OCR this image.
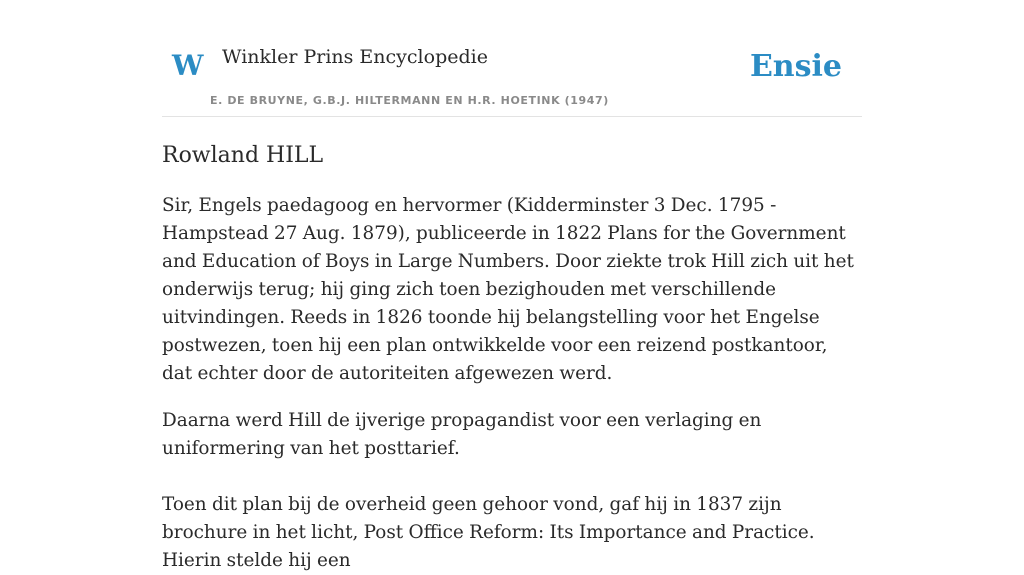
W Winkler Prins Encyclopedie
E. DE BRUYNE, G.B.J. HILTERMANN EN H.R. HOETINK (1947)
Ensie
Rowland HILL

Sir, Engels paedagoog en hervormer (Kidderminster 3 Dec. 1795 - Hampstead 27 Aug. 1879), publiceerde in 1822 Plans for the Government and Education of Boys in Large Numbers. Door ziekte trok Hill zich uit het onderwijs terug; hij ging zich toen bezighouden met verschillende uitvindingen. Reeds in 1826 toonde hij belangstelling voor het Engelse postwezen, toen hij een plan ontwikkelde voor een reizend postkantoor, dat echter door de autoriteiten afgewezen werd.

Daarna werd Hill de ijverige propagandist voor een verlaging en uniformering van het posttarief.

Toen dit plan bij de overheid geen gehoor vond, gaf hij in 1837 zijn brochure in het licht, Post Office Reform: Its Importance and Practice. Hierin stelde hij een
